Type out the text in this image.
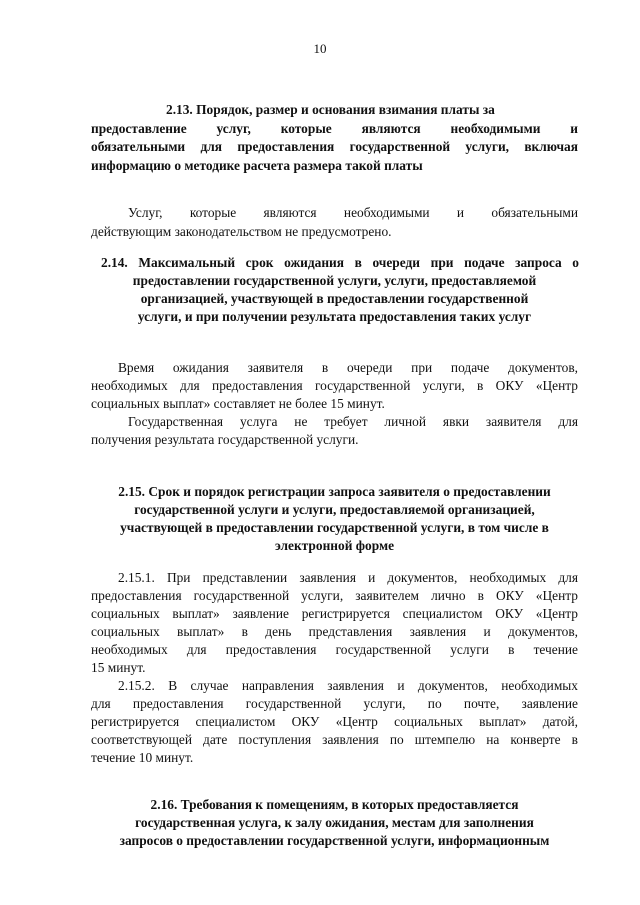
10
2.13. Порядок, размер и основания взимания платы за
предоставление услуг, которые являются необходимыми и
обязательными для предоставления государственной услуги, включая
информацию о методике расчета размера такой платы
Услуг, которые являются необходимыми и обязательными
действующим законодательством не предусмотрено.
2.14. Максимальный срок ожидания в очереди при подаче запроса о
предоставлении государственной услуги, услуги, предоставляемой
организацией, участвующей в предоставлении государственной
услуги, и при получении результата предоставления таких услуг
Время ожидания заявителя в очереди при подаче документов,
необходимых для предоставления государственной услуги, в ОКУ «Центр
социальных выплат» составляет не более 15 минут.
Государственная услуга не требует личной явки заявителя для
получения результата государственной услуги.
2.15. Срок и порядок регистрации запроса заявителя о предоставлении
государственной услуги и услуги, предоставляемой организацией,
участвующей в предоставлении государственной услуги, в том числе в
электронной форме
2.15.1. При представлении заявления и документов, необходимых для
предоставления государственной услуги, заявителем лично в ОКУ «Центр
социальных выплат» заявление регистрируется специалистом ОКУ «Центр
социальных выплат» в день представления заявления и документов,
необходимых для предоставления государственной услуги в течение
15 минут.
2.15.2. В случае направления заявления и документов, необходимых
для предоставления государственной услуги, по почте, заявление
регистрируется специалистом ОКУ «Центр социальных выплат» датой,
соответствующей дате поступления заявления по штемпелю на конверте в
течение 10 минут.
2.16. Требования к помещениям, в которых предоставляется
государственная услуга, к залу ожидания, местам для заполнения
запросов о предоставлении государственной услуги, информационным
